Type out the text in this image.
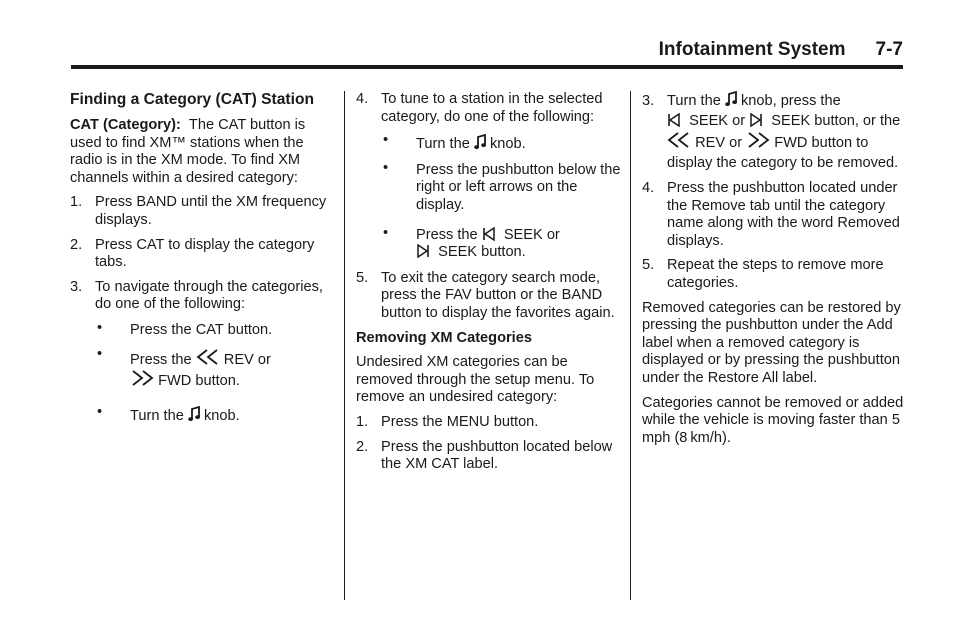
Infotainment System 7-7
Finding a Category (CAT) Station

CAT (Category): The CAT button is used to find XM™ stations when the radio is in the XM mode. To find XM channels within a desired category:

1. Press BAND until the XM frequency displays.
2. Press CAT to display the category tabs.
3. To navigate through the categories, do one of the following:
• Press the CAT button.
• Press the REV or
FWD button.
• Turn the knob.
4. To tune to a station in the selected category, do one of the following:
• Turn the knob.
• Press the pushbutton below the right or left arrows on the display.
• Press the SEEK or
SEEK button.
5. To exit the category search mode, press the FAV button or the BAND button to display the favorites again.
Removing XM Categories

Undesired XM categories can be removed through the setup menu. To remove an undesired category:

1. Press the MENU button.
2. Press the pushbutton located below the XM CAT label.
3. Turn the knob, press the
SEEK or SEEK button, or the  REV or FWD button to display the category to be removed.
4. Press the pushbutton located under the Remove tab until the category name along with the word Removed displays.
5. Repeat the steps to remove more categories.

Removed categories can be restored by pressing the pushbutton under the Add label when a removed category is displayed or by pressing the pushbutton under the Restore All label.

Categories cannot be removed or added while the vehicle is moving faster than 5 mph (8 km/h).
